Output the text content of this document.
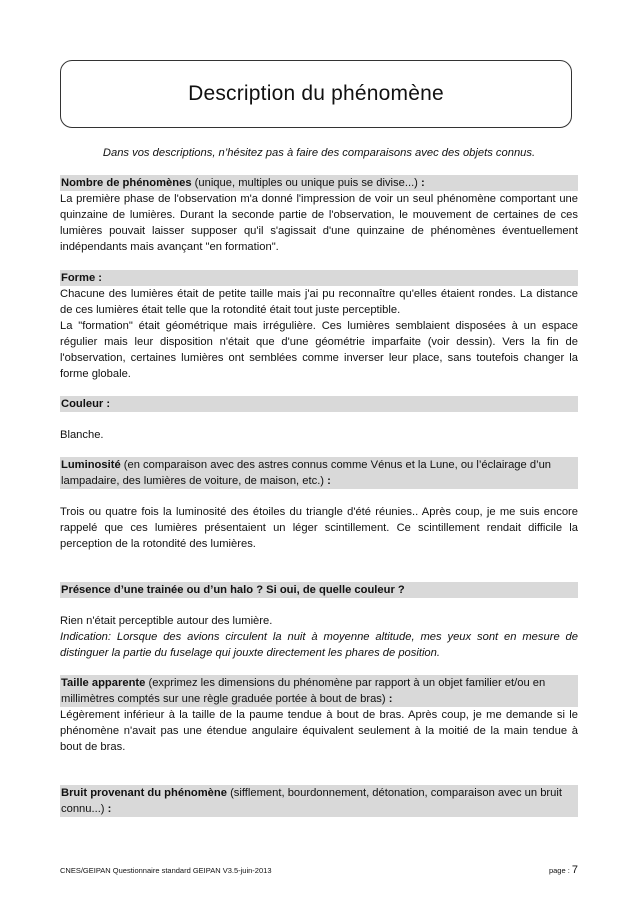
Description du phénomène
Dans vos descriptions, n’hésitez pas à faire des comparaisons avec des objets connus.
Nombre de phénomènes (unique, multiples ou unique puis se divise...) :

La première phase de l'observation m'a donné l'impression de voir un seul phénomène comportant une quinzaine de lumières. Durant la seconde partie de l'observation, le mouvement de certaines de ces lumières pouvait laisser supposer qu'il s'agissait d'une quinzaine de phénomènes éventuellement indépendants mais avançant "en formation".

Forme :

Chacune des lumières était de petite taille mais j'ai pu reconnaître qu'elles étaient rondes. La distance de ces lumières était telle que la rotondité était tout juste perceptible.

La "formation" était géométrique mais irrégulière. Ces lumières semblaient disposées à un espace régulier mais leur disposition n'était que d'une géométrie imparfaite (voir dessin). Vers la fin de l'observation, certaines lumières ont semblées comme inverser leur place, sans toutefois changer la forme globale.

Couleur :

Blanche.

Luminosité (en comparaison avec des astres connus comme Vénus et la Lune, ou l’éclairage d’un lampadaire, des lumières de voiture, de maison, etc.) :

Trois ou quatre fois la luminosité des étoiles du triangle d'été réunies.. Après coup, je me suis encore rappelé que ces lumières présentaient un léger scintillement. Ce scintillement rendait difficile la perception de la rotondité des lumières.

Présence d’une trainée ou d’un halo ? Si oui, de quelle couleur ?

Rien n'était perceptible autour des lumière.

Indication: Lorsque des avions circulent la nuit à moyenne altitude, mes yeux sont en mesure de distinguer la partie du fuselage qui jouxte directement les phares de position.

Taille apparente (exprimez les dimensions du phénomène par rapport à un objet familier et/ou en millimètres comptés sur une règle graduée portée à bout de bras) :

Légèrement inférieur à la taille de la paume tendue à bout de bras. Après coup, je me demande si le phénomène n'avait pas une étendue angulaire équivalent seulement à la moitié de la main tendue à bout de bras.

Bruit provenant du phénomène (sifflement, bourdonnement, détonation, comparaison avec un bruit connu...) :
CNES/GEIPAN Questionnaire standard GEIPAN V3.5-juin-2013	page : 7
